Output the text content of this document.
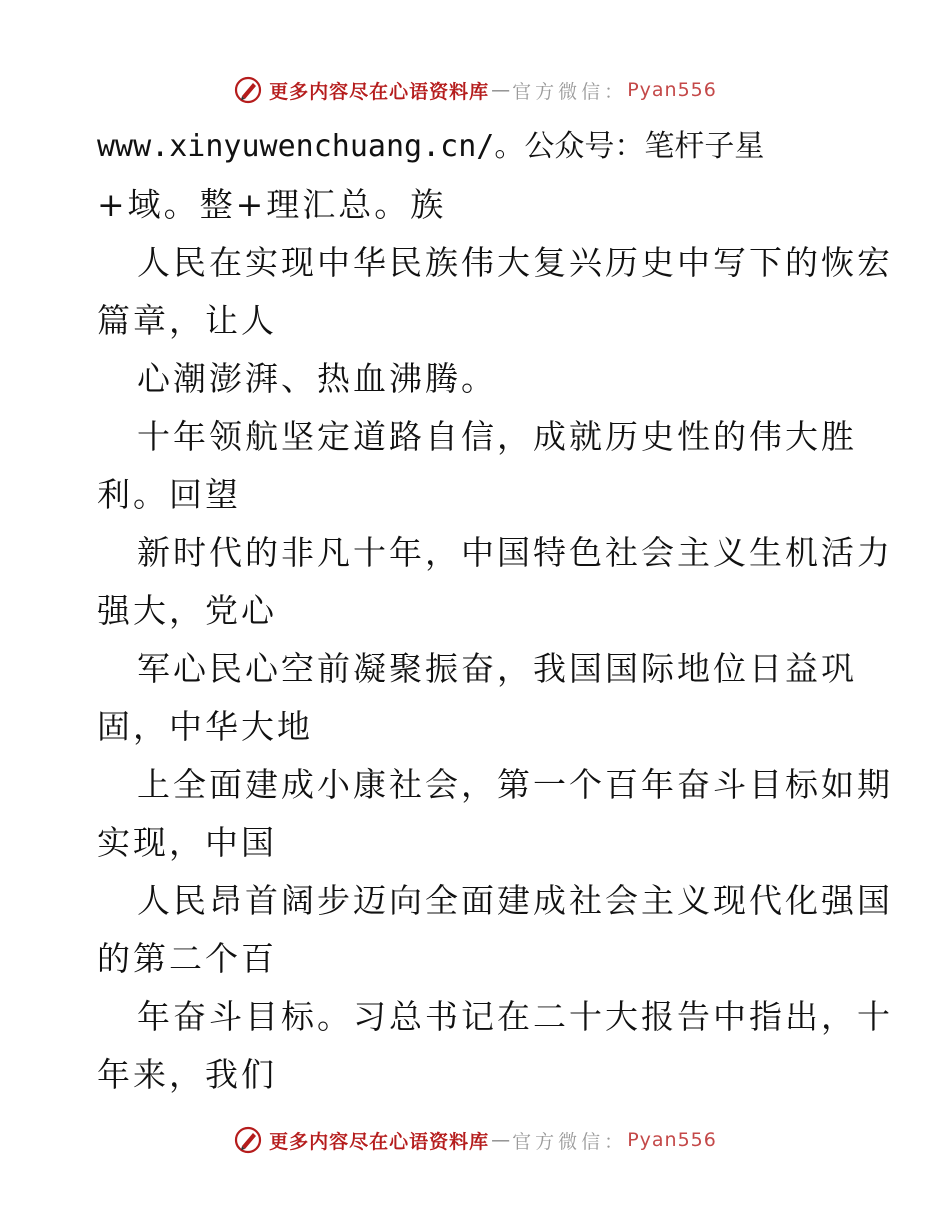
更多内容尽在心语资料库 — 官方微信： Pyan556
www.xinyuwenchuang.cn/。公众号：笔杆子星
+域。整+理汇总。族
人民在实现中华民族伟大复兴历史中写下的恢宏
篇章，让人
心潮澎湃、热血沸腾。
十年领航坚定道路自信，成就历史性的伟大胜
利。回望
新时代的非凡十年，中国特色社会主义生机活力
强大，党心
军心民心空前凝聚振奋，我国国际地位日益巩
固，中华大地
上全面建成小康社会，第一个百年奋斗目标如期
实现，中国
人民昂首阔步迈向全面建成社会主义现代化强国
的第二个百
年奋斗目标。习总书记在二十大报告中指出，十
年来，我们
更多内容尽在心语资料库 — 官方微信： Pyan556
